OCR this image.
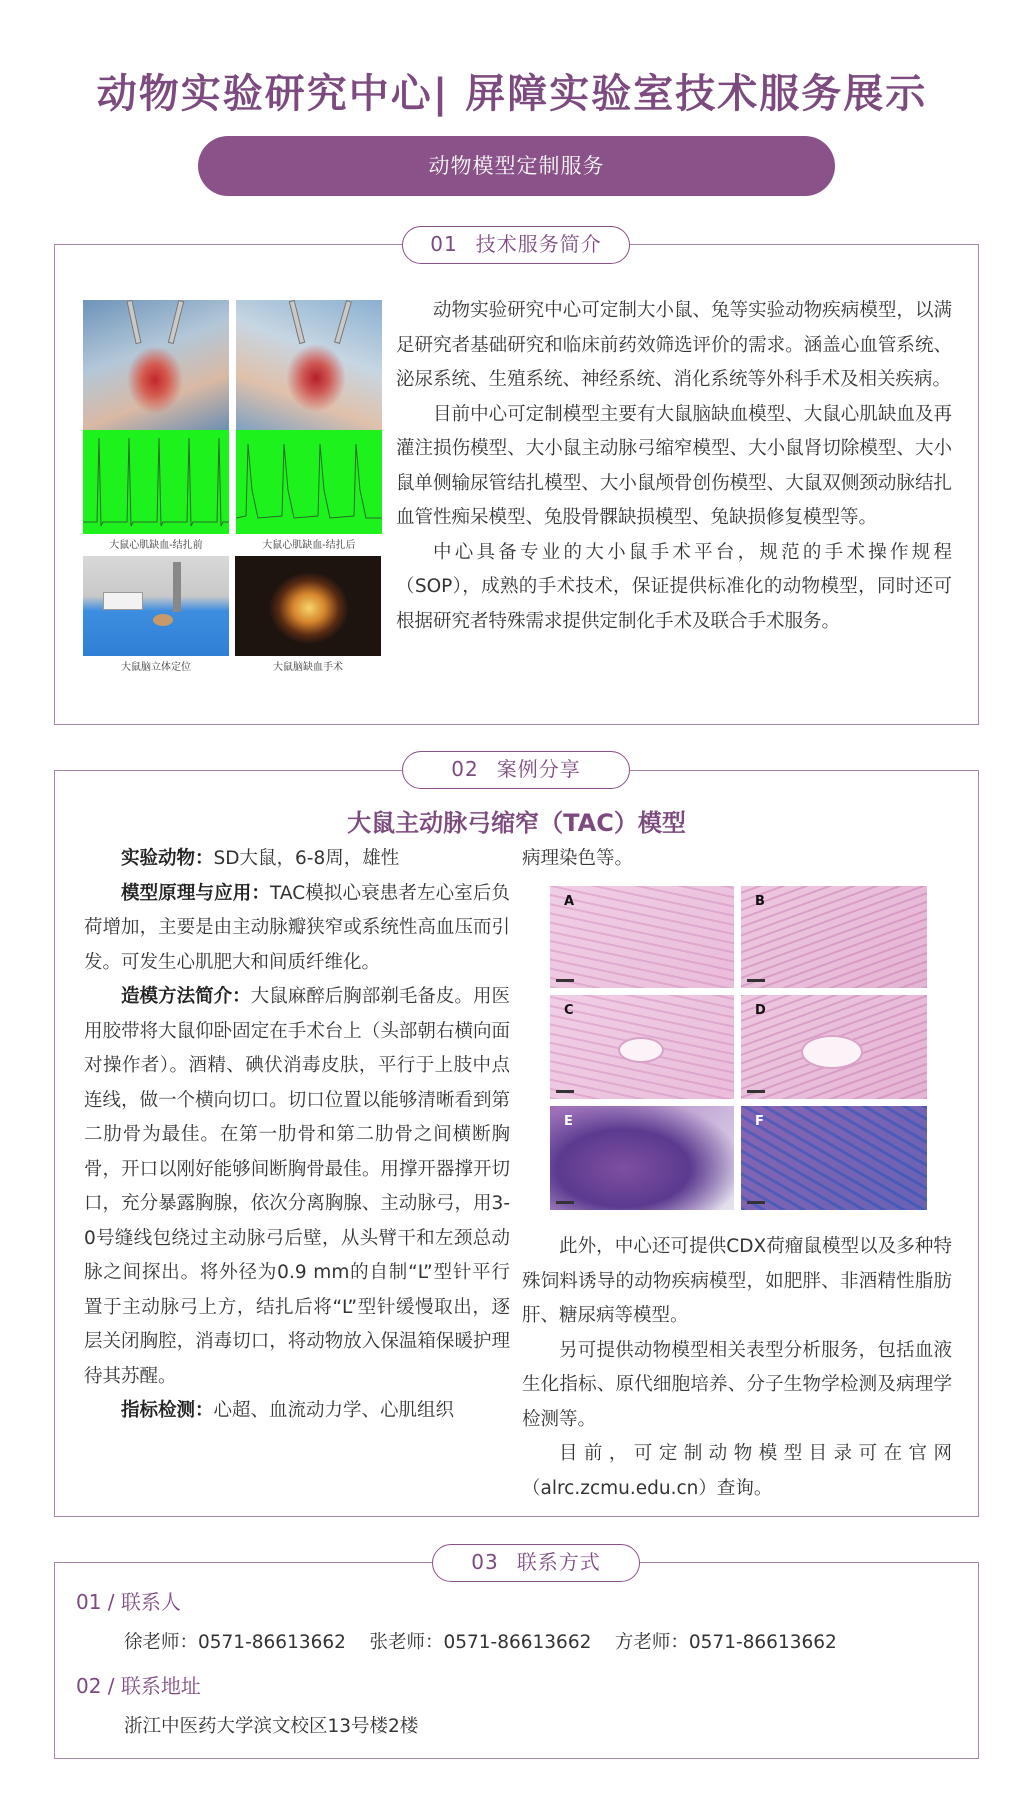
动物实验研究中心| 屏障实验室技术服务展示
动物模型定制服务
01 技术服务简介
大鼠心肌缺血-结扎前	大鼠心肌缺血-结扎后
大鼠脑立体定位	大鼠脑缺血手术

动物实验研究中心可定制大小鼠、兔等实验动物疾病模型，以满足研究者基础研究和临床前药效筛选评价的需求。涵盖心血管系统、泌尿系统、生殖系统、神经系统、消化系统等外科手术及相关疾病。

目前中心可定制模型主要有大鼠脑缺血模型、大鼠心肌缺血及再灌注损伤模型、大小鼠主动脉弓缩窄模型、大小鼠肾切除模型、大小鼠单侧输尿管结扎模型、大小鼠颅骨创伤模型、大鼠双侧颈动脉结扎血管性痴呆模型、兔股骨髁缺损模型、兔缺损修复模型等。

中心具备专业的大小鼠手术平台，规范的手术操作规程（SOP），成熟的手术技术，保证提供标准化的动物模型，同时还可根据研究者特殊需求提供定制化手术及联合手术服务。

02 案例分享
大鼠主动脉弓缩窄（TAC）模型

实验动物：SD大鼠，6-8周，雄性

模型原理与应用：TAC模拟心衰患者左心室后负荷增加，主要是由主动脉瓣狭窄或系统性高血压而引发。可发生心肌肥大和间质纤维化。

造模方法简介：大鼠麻醉后胸部剃毛备皮。用医用胶带将大鼠仰卧固定在手术台上（头部朝右横向面对操作者）。酒精、碘伏消毒皮肤，平行于上肢中点连线，做一个横向切口。切口位置以能够清晰看到第二肋骨为最佳。在第一肋骨和第二肋骨之间横断胸骨，开口以刚好能够间断胸骨最佳。用撑开器撑开切口，充分暴露胸腺，依次分离胸腺、主动脉弓，用3-0号缝线包绕过主动脉弓后壁，从头臂干和左颈总动脉之间探出。将外径为0.9 mm的自制“L”型针平行置于主动脉弓上方，结扎后将“L”型针缓慢取出，逐层关闭胸腔，消毒切口，将动物放入保温箱保暖护理待其苏醒。

指标检测：心超、血流动力学、心肌组织

病理染色等。
A	B
C	D
E	F

此外，中心还可提供CDX荷瘤鼠模型以及多种特殊饲料诱导的动物疾病模型，如肥胖、非酒精性脂肪肝、糖尿病等模型。

另可提供动物模型相关表型分析服务，包括血液生化指标、原代细胞培养、分子生物学检测及病理学检测等。

目前，可定制动物模型目录可在官网（alrc.zcmu.edu.cn）查询。

03 联系方式
01 / 联系人
徐老师：0571-86613662    张老师：0571-86613662    方老师：0571-86613662
02 / 联系地址
浙江中医药大学滨文校区13号楼2楼
